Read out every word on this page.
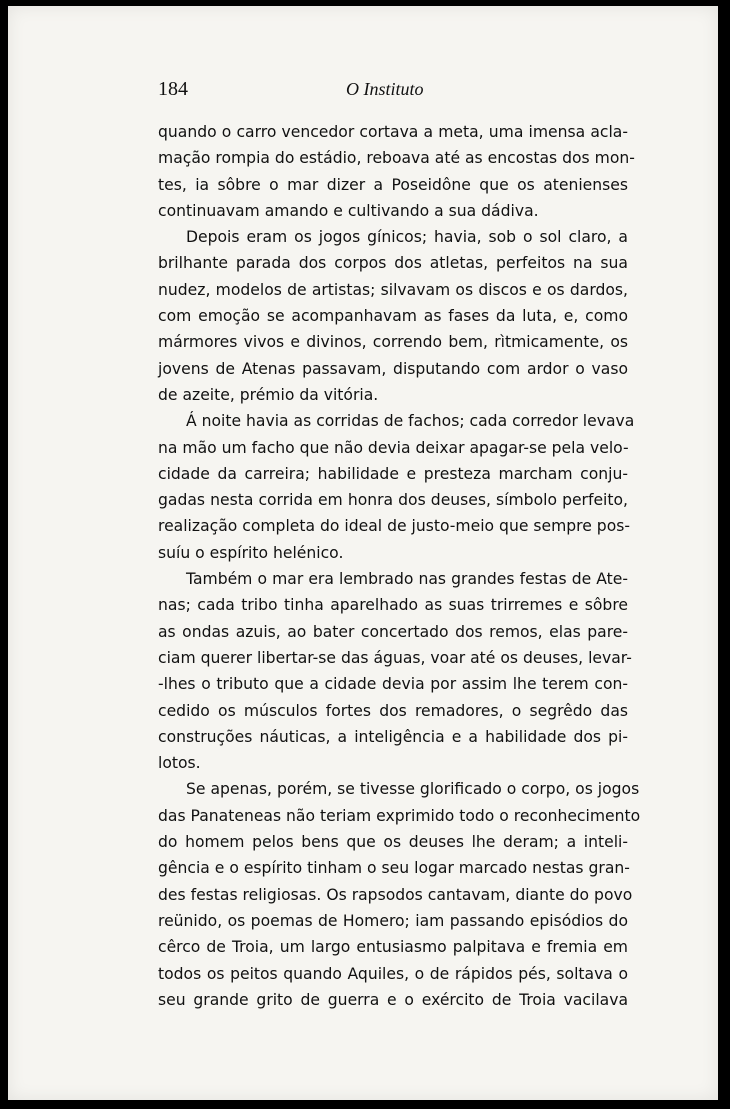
184	O Instituto

quando o carro vencedor cortava a meta, uma imensa acla-
mação rompia do estádio, reboava até as encostas dos mon-
tes, ia sôbre o mar dizer a Poseidône que os atenienses
continuavam amando e cultivando a sua dádiva.

Depois eram os jogos gínicos; havia, sob o sol claro, a
brilhante parada dos corpos dos atletas, perfeitos na sua
nudez, modelos de artistas; silvavam os discos e os dardos,
com emoção se acompanhavam as fases da luta, e, como
mármores vivos e divinos, correndo bem, rìtmicamente, os
jovens de Atenas passavam, disputando com ardor o vaso
de azeite, prémio da vitória.

Á noite havia as corridas de fachos; cada corredor levava
na mão um facho que não devia deixar apagar-se pela velo-
cidade da carreira; habilidade e presteza marcham conju-
gadas nesta corrida em honra dos deuses, símbolo perfeito,
realização completa do ideal de justo-meio que sempre pos-
suíu o espírito helénico.

Também o mar era lembrado nas grandes festas de Ate-
nas; cada tribo tinha aparelhado as suas trirremes e sôbre
as ondas azuis, ao bater concertado dos remos, elas pare-
ciam querer libertar-se das águas, voar até os deuses, levar-
-lhes o tributo que a cidade devia por assim lhe terem con-
cedido os músculos fortes dos remadores, o segrêdo das
construções náuticas, a inteligência e a habilidade dos pi-
lotos.

Se apenas, porém, se tivesse glorificado o corpo, os jogos
das Panateneas não teriam exprimido todo o reconhecimento
do homem pelos bens que os deuses lhe deram; a inteli-
gência e o espírito tinham o seu logar marcado nestas gran-
des festas religiosas. Os rapsodos cantavam, diante do povo
reünido, os poemas de Homero; iam passando episódios do
cêrco de Troia, um largo entusiasmo palpitava e fremia em
todos os peitos quando Aquiles, o de rápidos pés, soltava o
seu grande grito de guerra e o exército de Troia vacilava
